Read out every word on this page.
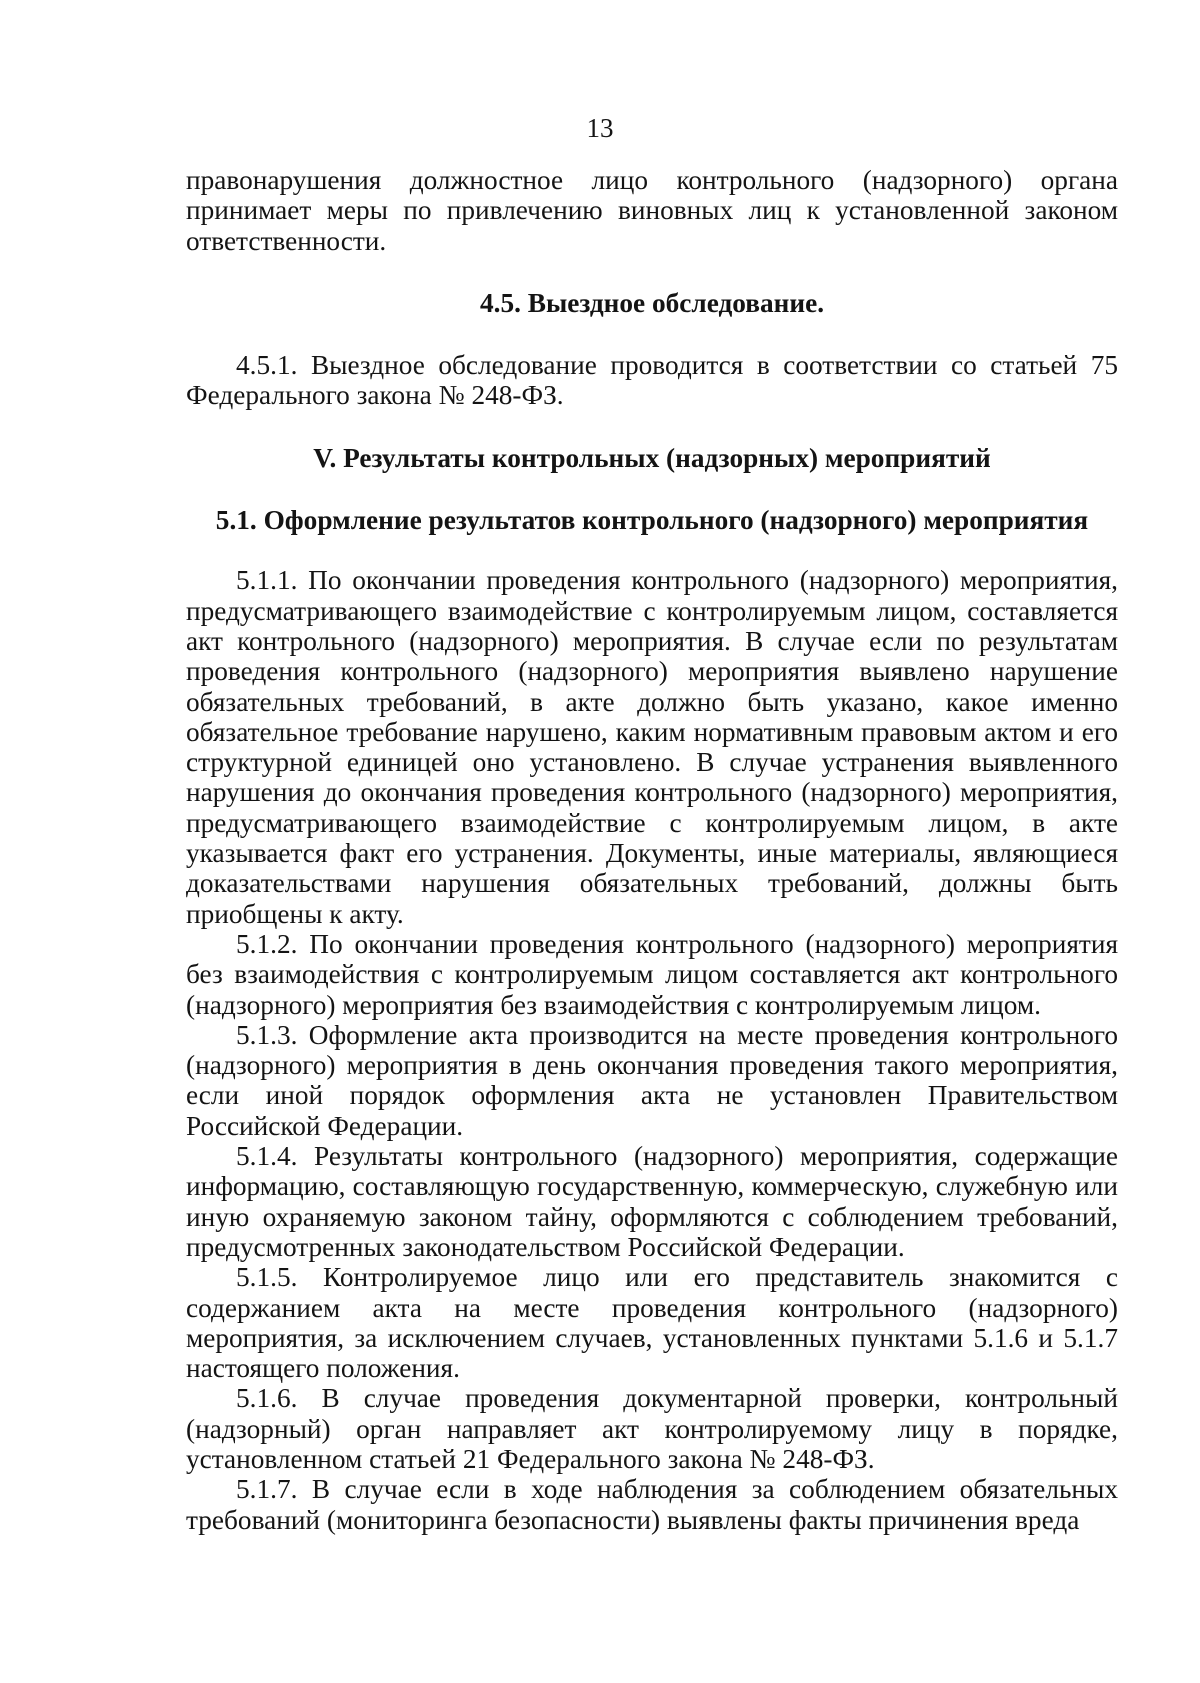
13

правонарушения должностное лицо контрольного (надзорного) органа принимает меры по привлечению виновных лиц к установленной законом ответственности.

4.5. Выездное обследование.

4.5.1. Выездное обследование проводится в соответствии со статьей 75 Федерального закона № 248-ФЗ.

V. Результаты контрольных (надзорных) мероприятий

5.1. Оформление результатов контрольного (надзорного) мероприятия

5.1.1. По окончании проведения контрольного (надзорного) мероприятия, предусматривающего взаимодействие с контролируемым лицом, составляется акт контрольного (надзорного) мероприятия. В случае если по результатам проведения контрольного (надзорного) мероприятия выявлено нарушение обязательных требований, в акте должно быть указано, какое именно обязательное требование нарушено, каким нормативным правовым актом и его структурной единицей оно установлено. В случае устранения выявленного нарушения до окончания проведения контрольного (надзорного) мероприятия, предусматривающего взаимодействие с контролируемым лицом, в акте указывается факт его устранения. Документы, иные материалы, являющиеся доказательствами нарушения обязательных требований, должны быть приобщены к акту.

5.1.2. По окончании проведения контрольного (надзорного) мероприятия без взаимодействия с контролируемым лицом составляется акт контрольного (надзорного) мероприятия без взаимодействия с контролируемым лицом.

5.1.3. Оформление акта производится на месте проведения контрольного (надзорного) мероприятия в день окончания проведения такого мероприятия, если иной порядок оформления акта не установлен Правительством Российской Федерации.

5.1.4. Результаты контрольного (надзорного) мероприятия, содержащие информацию, составляющую государственную, коммерческую, служебную или иную охраняемую законом тайну, оформляются с соблюдением требований, предусмотренных законодательством Российской Федерации.

5.1.5. Контролируемое лицо или его представитель знакомится с содержанием акта на месте проведения контрольного (надзорного) мероприятия, за исключением случаев, установленных пунктами 5.1.6 и 5.1.7 настоящего положения.

5.1.6. В случае проведения документарной проверки, контрольный (надзорный) орган направляет акт контролируемому лицу в порядке, установленном статьей 21 Федерального закона № 248-ФЗ.

5.1.7. В случае если в ходе наблюдения за соблюдением обязательных требований (мониторинга безопасности) выявлены факты причинения вреда
